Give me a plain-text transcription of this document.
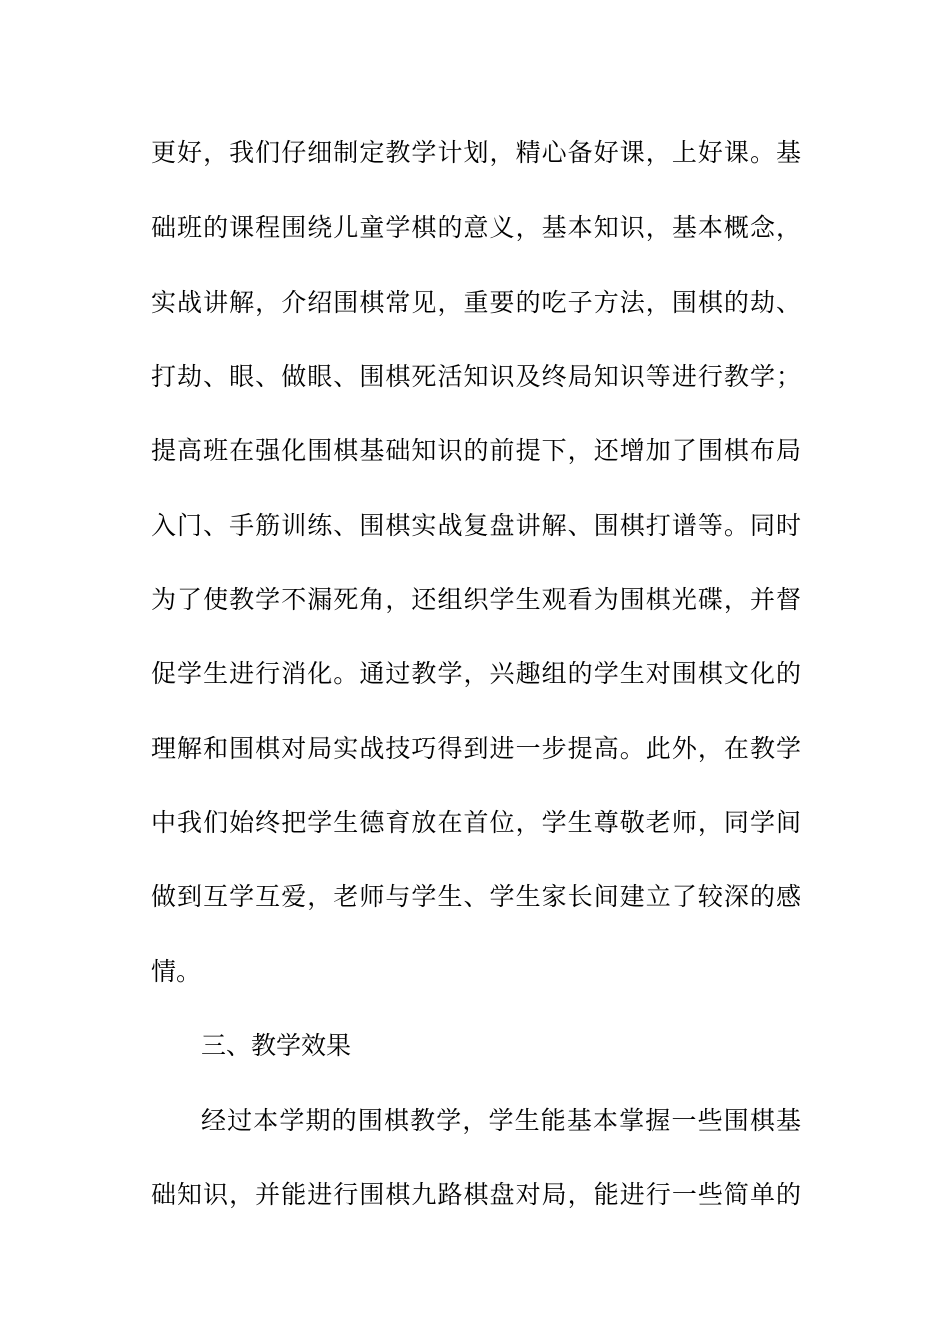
更好，我们仔细制定教学计划，精心备好课，上好课。基
础班的课程围绕儿童学棋的意义，基本知识，基本概念，
实战讲解，介绍围棋常见，重要的吃子方法，围棋的劫、
打劫、眼、做眼、围棋死活知识及终局知识等进行教学；
提高班在强化围棋基础知识的前提下，还增加了围棋布局
入门、手筋训练、围棋实战复盘讲解、围棋打谱等。同时
为了使教学不漏死角，还组织学生观看为围棋光碟，并督
促学生进行消化。通过教学，兴趣组的学生对围棋文化的
理解和围棋对局实战技巧得到进一步提高。此外，在教学
中我们始终把学生德育放在首位，学生尊敬老师，同学间
做到互学互爱，老师与学生、学生家长间建立了较深的感
情。
三、教学效果
经过本学期的围棋教学，学生能基本掌握一些围棋基
础知识，并能进行围棋九路棋盘对局，能进行一些简单的
